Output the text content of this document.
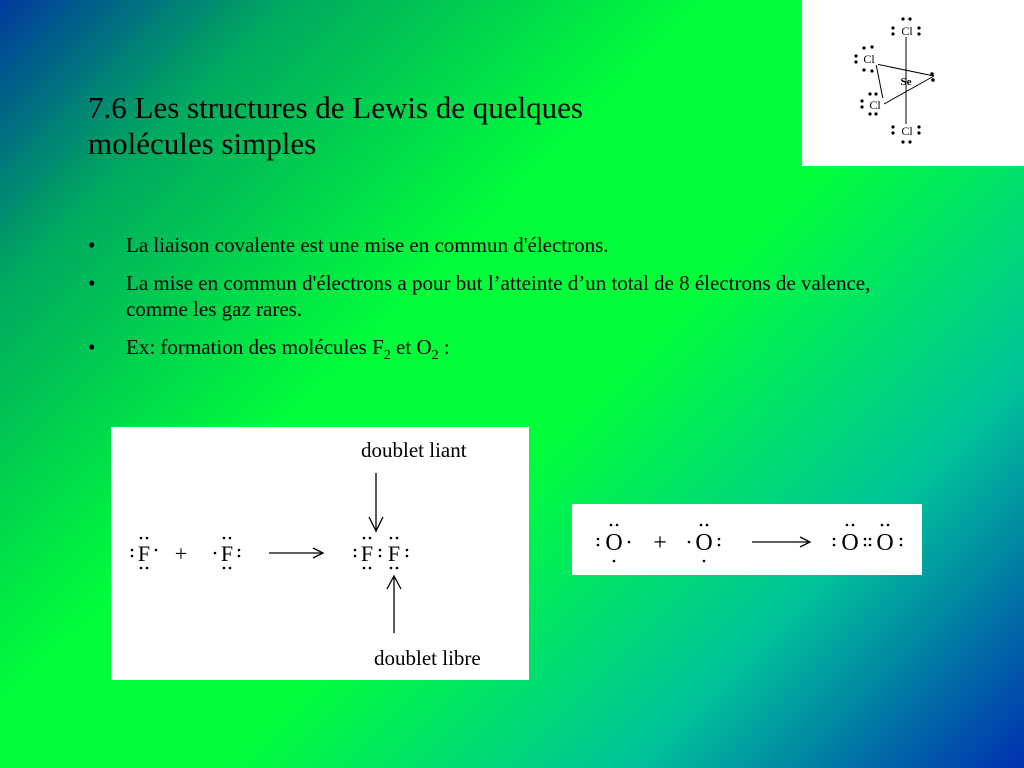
7.6 Les structures de Lewis de quelques
molécules simples
• La liaison covalente est une mise en commun d'électrons.
• La mise en commun d'électrons a pour but l’atteinte d’un total de 8 électrons de valence, comme les gaz rares.
• Ex: formation des molécules $F_2$ et $O_2$ :
Cl
Cl
Cl
Cl
Se
doublet liant
doublet libre
F + F	F F	O + O	O O
